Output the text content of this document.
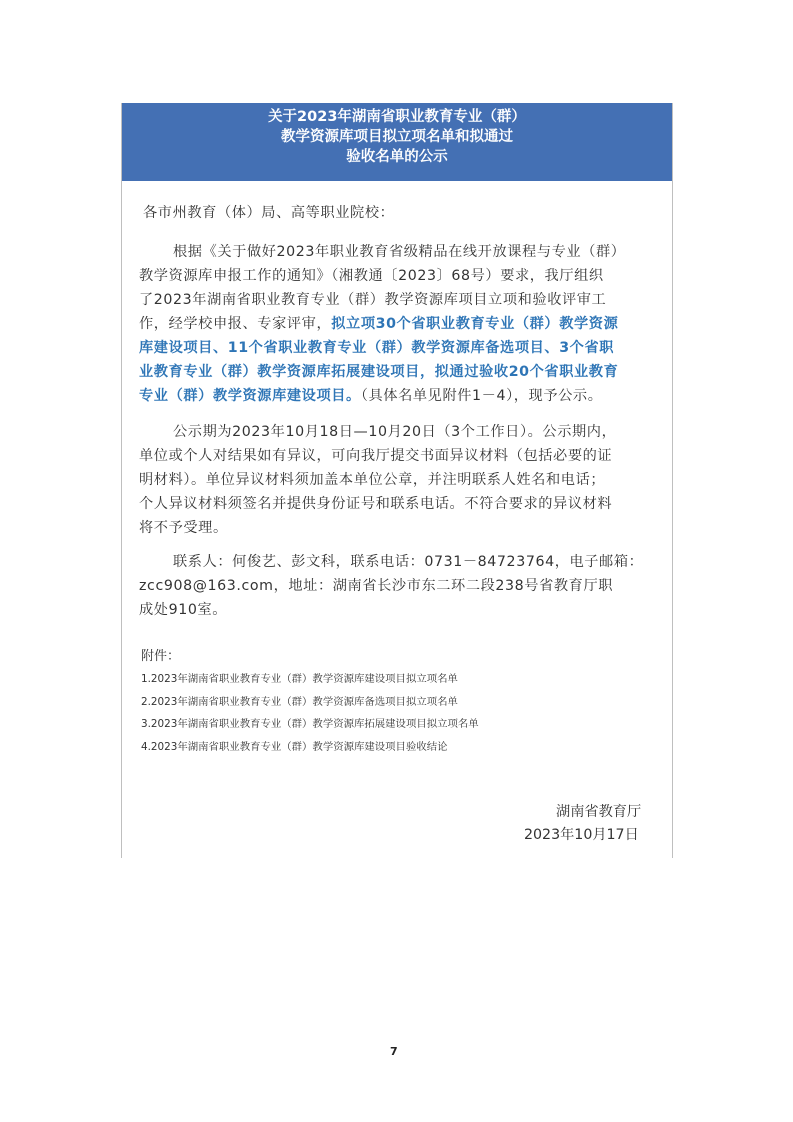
关于2023年湖南省职业教育专业（群）
教学资源库项目拟立项名单和拟通过
验收名单的公示
各市州教育（体）局、高等职业院校：
根据《关于做好2023年职业教育省级精品在线开放课程与专业（群）
教学资源库申报工作的通知》（湘教通〔2023〕68号）要求，我厅组织
了2023年湖南省职业教育专业（群）教学资源库项目立项和验收评审工
作，经学校申报、专家评审，拟立项30个省职业教育专业（群）教学资源
库建设项目、11个省职业教育专业（群）教学资源库备选项目、3个省职
业教育专业（群）教学资源库拓展建设项目，拟通过验收20个省职业教育
专业（群）教学资源库建设项目。（具体名单见附件1－4），现予公示。
公示期为2023年10月18日—10月20日（3个工作日）。公示期内，
单位或个人对结果如有异议，可向我厅提交书面异议材料（包括必要的证
明材料）。单位异议材料须加盖本单位公章，并注明联系人姓名和电话；
个人异议材料须签名并提供身份证号和联系电话。不符合要求的异议材料
将不予受理。
联系人：何俊艺、彭文科，联系电话：0731－84723764，电子邮箱：
zcc908@163.com，地址：湖南省长沙市东二环二段238号省教育厅职
成处910室。
附件：
1.2023年湖南省职业教育专业（群）教学资源库建设项目拟立项名单
2.2023年湖南省职业教育专业（群）教学资源库备选项目拟立项名单
3.2023年湖南省职业教育专业（群）教学资源库拓展建设项目拟立项名单
4.2023年湖南省职业教育专业（群）教学资源库建设项目验收结论
湖南省教育厅
2023年10月17日
7
